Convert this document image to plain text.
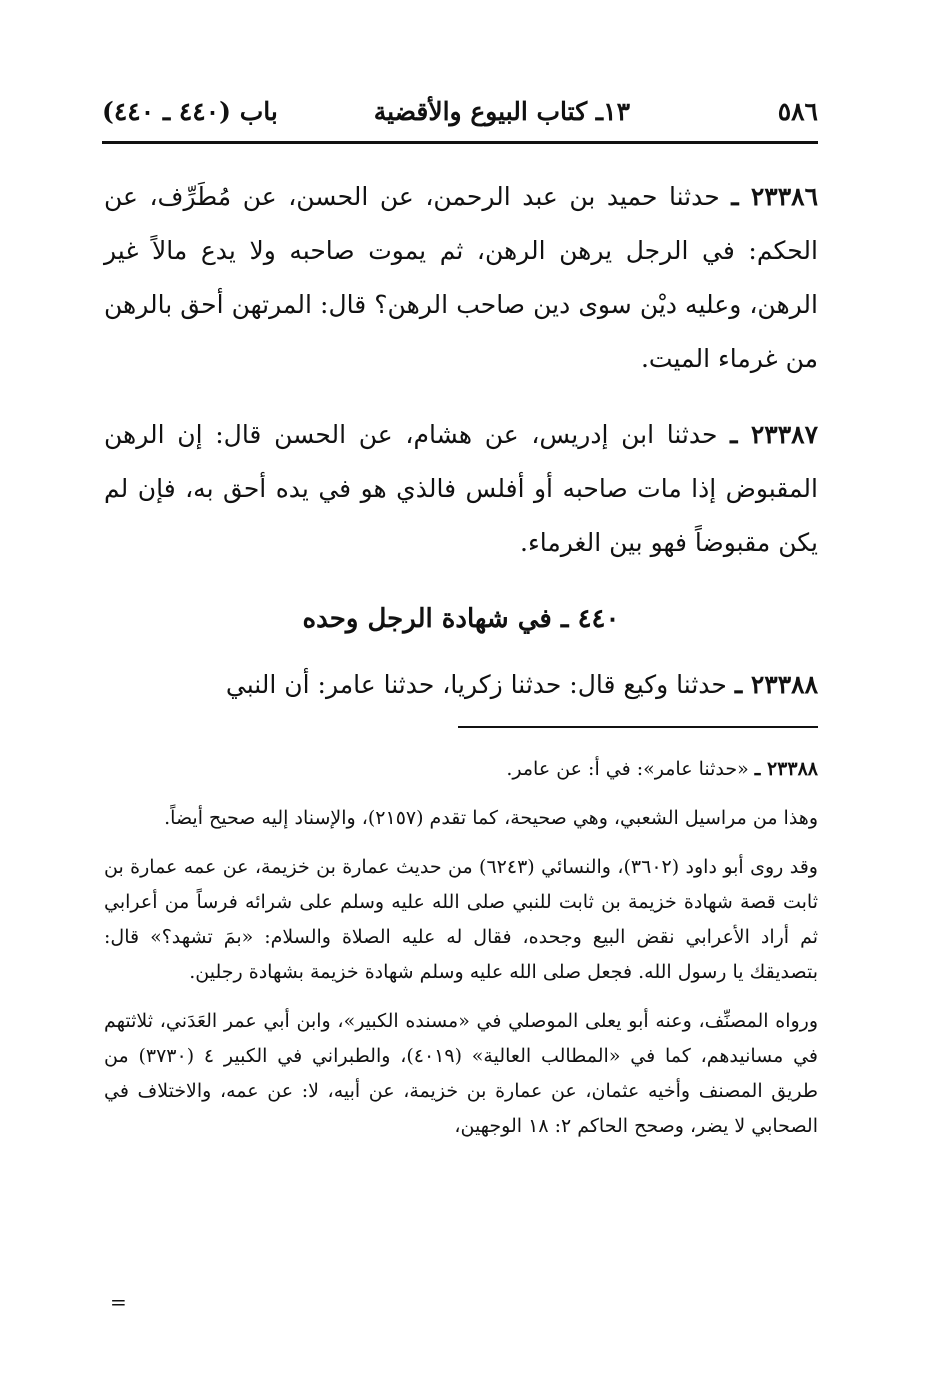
٥٨٦
١٣ـ كتاب البيوع والأقضية
باب (٤٤٠ ـ ٤٤٠)

٢٣٣٨٦ ـ حدثنا حميد بن عبد الرحمن، عن الحسن، عن مُطَرِّف، عن الحكم: في الرجل يرهن الرهن، ثم يموت صاحبه ولا يدع مالاً غير الرهن، وعليه ديْن سوى دين صاحب الرهن؟ قال: المرتهن أحق بالرهن من غرماء الميت.

٢٣٣٨٧ ـ حدثنا ابن إدريس، عن هشام، عن الحسن قال: إن الرهن المقبوض إذا مات صاحبه أو أفلس فالذي هو في يده أحق به، فإن لم يكن مقبوضاً فهو بين الغرماء.

٤٤٠ ـ في شهادة الرجل وحده

٢٣٣٨٨ ـ حدثنا وكيع قال: حدثنا زكريا، حدثنا عامر: أن النبي

٢٣٣٨٨ ـ «حدثنا عامر»: في أ: عن عامر.

وهذا من مراسيل الشعبي، وهي صحيحة، كما تقدم (٢١٥٧)، والإسناد إليه صحيح أيضاً.

وقد روى أبو داود (٣٦٠٢)، والنسائي (٦٢٤٣) من حديث عمارة بن خزيمة، عن عمه عمارة بن ثابت قصة شهادة خزيمة بن ثابت للنبي صلى الله عليه وسلم على شرائه فرساً من أعرابي ثم أراد الأعرابي نقض البيع وجحده، فقال له عليه الصلاة والسلام: «بمَ تشهد؟» قال: بتصديقك يا رسول الله. فجعل صلى الله عليه وسلم شهادة خزيمة بشهادة رجلين.

ورواه المصنِّف، وعنه أبو يعلى الموصلي في «مسنده الكبير»، وابن أبي عمر العَدَني، ثلاثتهم في مسانيدهم، كما في «المطالب العالية» (٤٠١٩)، والطبراني في الكبير ٤ (٣٧٣٠) من طريق المصنف وأخيه عثمان، عن عمارة بن خزيمة، عن أبيه، لا: عن عمه، والاختلاف في الصحابي لا يضر، وصحح الحاكم ٢: ١٨ الوجهين،

=
